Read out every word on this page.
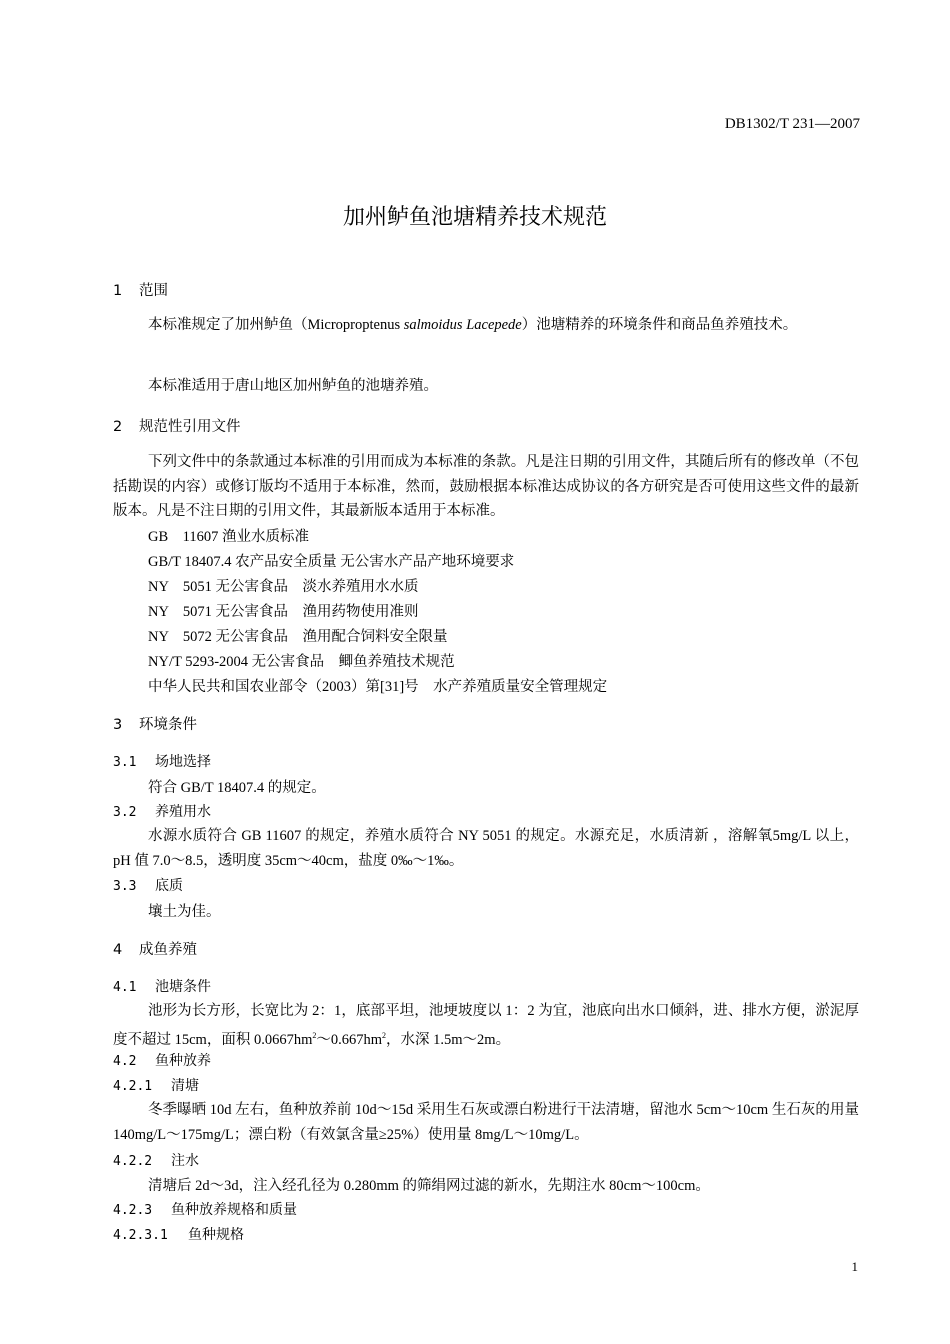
DB1302/T 231—2007
加州鲈鱼池塘精养技术规范
1 范围
本标准规定了加州鲈鱼（Microproptenus salmoidus Lacepede）池塘精养的环境条件和商品鱼养殖技术。
本标准适用于唐山地区加州鲈鱼的池塘养殖。
2 规范性引用文件
下列文件中的条款通过本标准的引用而成为本标准的条款。凡是注日期的引用文件，其随后所有的修改单（不包括勘误的内容）或修订版均不适用于本标准，然而，鼓励根据本标准达成协议的各方研究是否可使用这些文件的最新版本。凡是不注日期的引用文件，其最新版本适用于本标准。
GB　11607 渔业水质标准
GB/T 18407.4 农产品安全质量 无公害水产品产地环境要求
NY　5051 无公害食品　淡水养殖用水水质
NY　5071 无公害食品　渔用药物使用准则
NY　5072 无公害食品　渔用配合饲料安全限量
NY/T 5293-2004 无公害食品　鲫鱼养殖技术规范
中华人民共和国农业部令（2003）第[31]号　水产养殖质量安全管理规定
3 环境条件
3.1 场地选择
符合 GB/T 18407.4 的规定。
3.2 养殖用水
水源水质符合 GB 11607 的规定，养殖水质符合 NY 5051 的规定。水源充足，水质清新 ，溶解氧5mg/L 以上，pH 值 7.0～8.5，透明度 35cm～40cm，盐度 0‰～1‰。
3.3 底质
壤土为佳。
4 成鱼养殖
4.1 池塘条件
池形为长方形，长宽比为 2：1，底部平坦，池埂坡度以 1：2 为宜，池底向出水口倾斜，进、排水方便，淤泥厚度不超过 15cm，面积 $0.0667hm^2\sim 0.667hm^2$，水深 1.5m～2m。
4.2 鱼种放养
4.2.1 清塘
冬季曝晒 10d 左右，鱼种放养前 10d～15d 采用生石灰或漂白粉进行干法清塘，留池水 5cm～10cm 生石灰的用量 140mg/L～175mg/L；漂白粉（有效氯含量≥25%）使用量 8mg/L～10mg/L。
4.2.2 注水
清塘后 2d～3d，注入经孔径为 0.280mm 的筛绢网过滤的新水，先期注水 80cm～100cm。
4.2.3 鱼种放养规格和质量
4.2.3.1 鱼种规格
1
